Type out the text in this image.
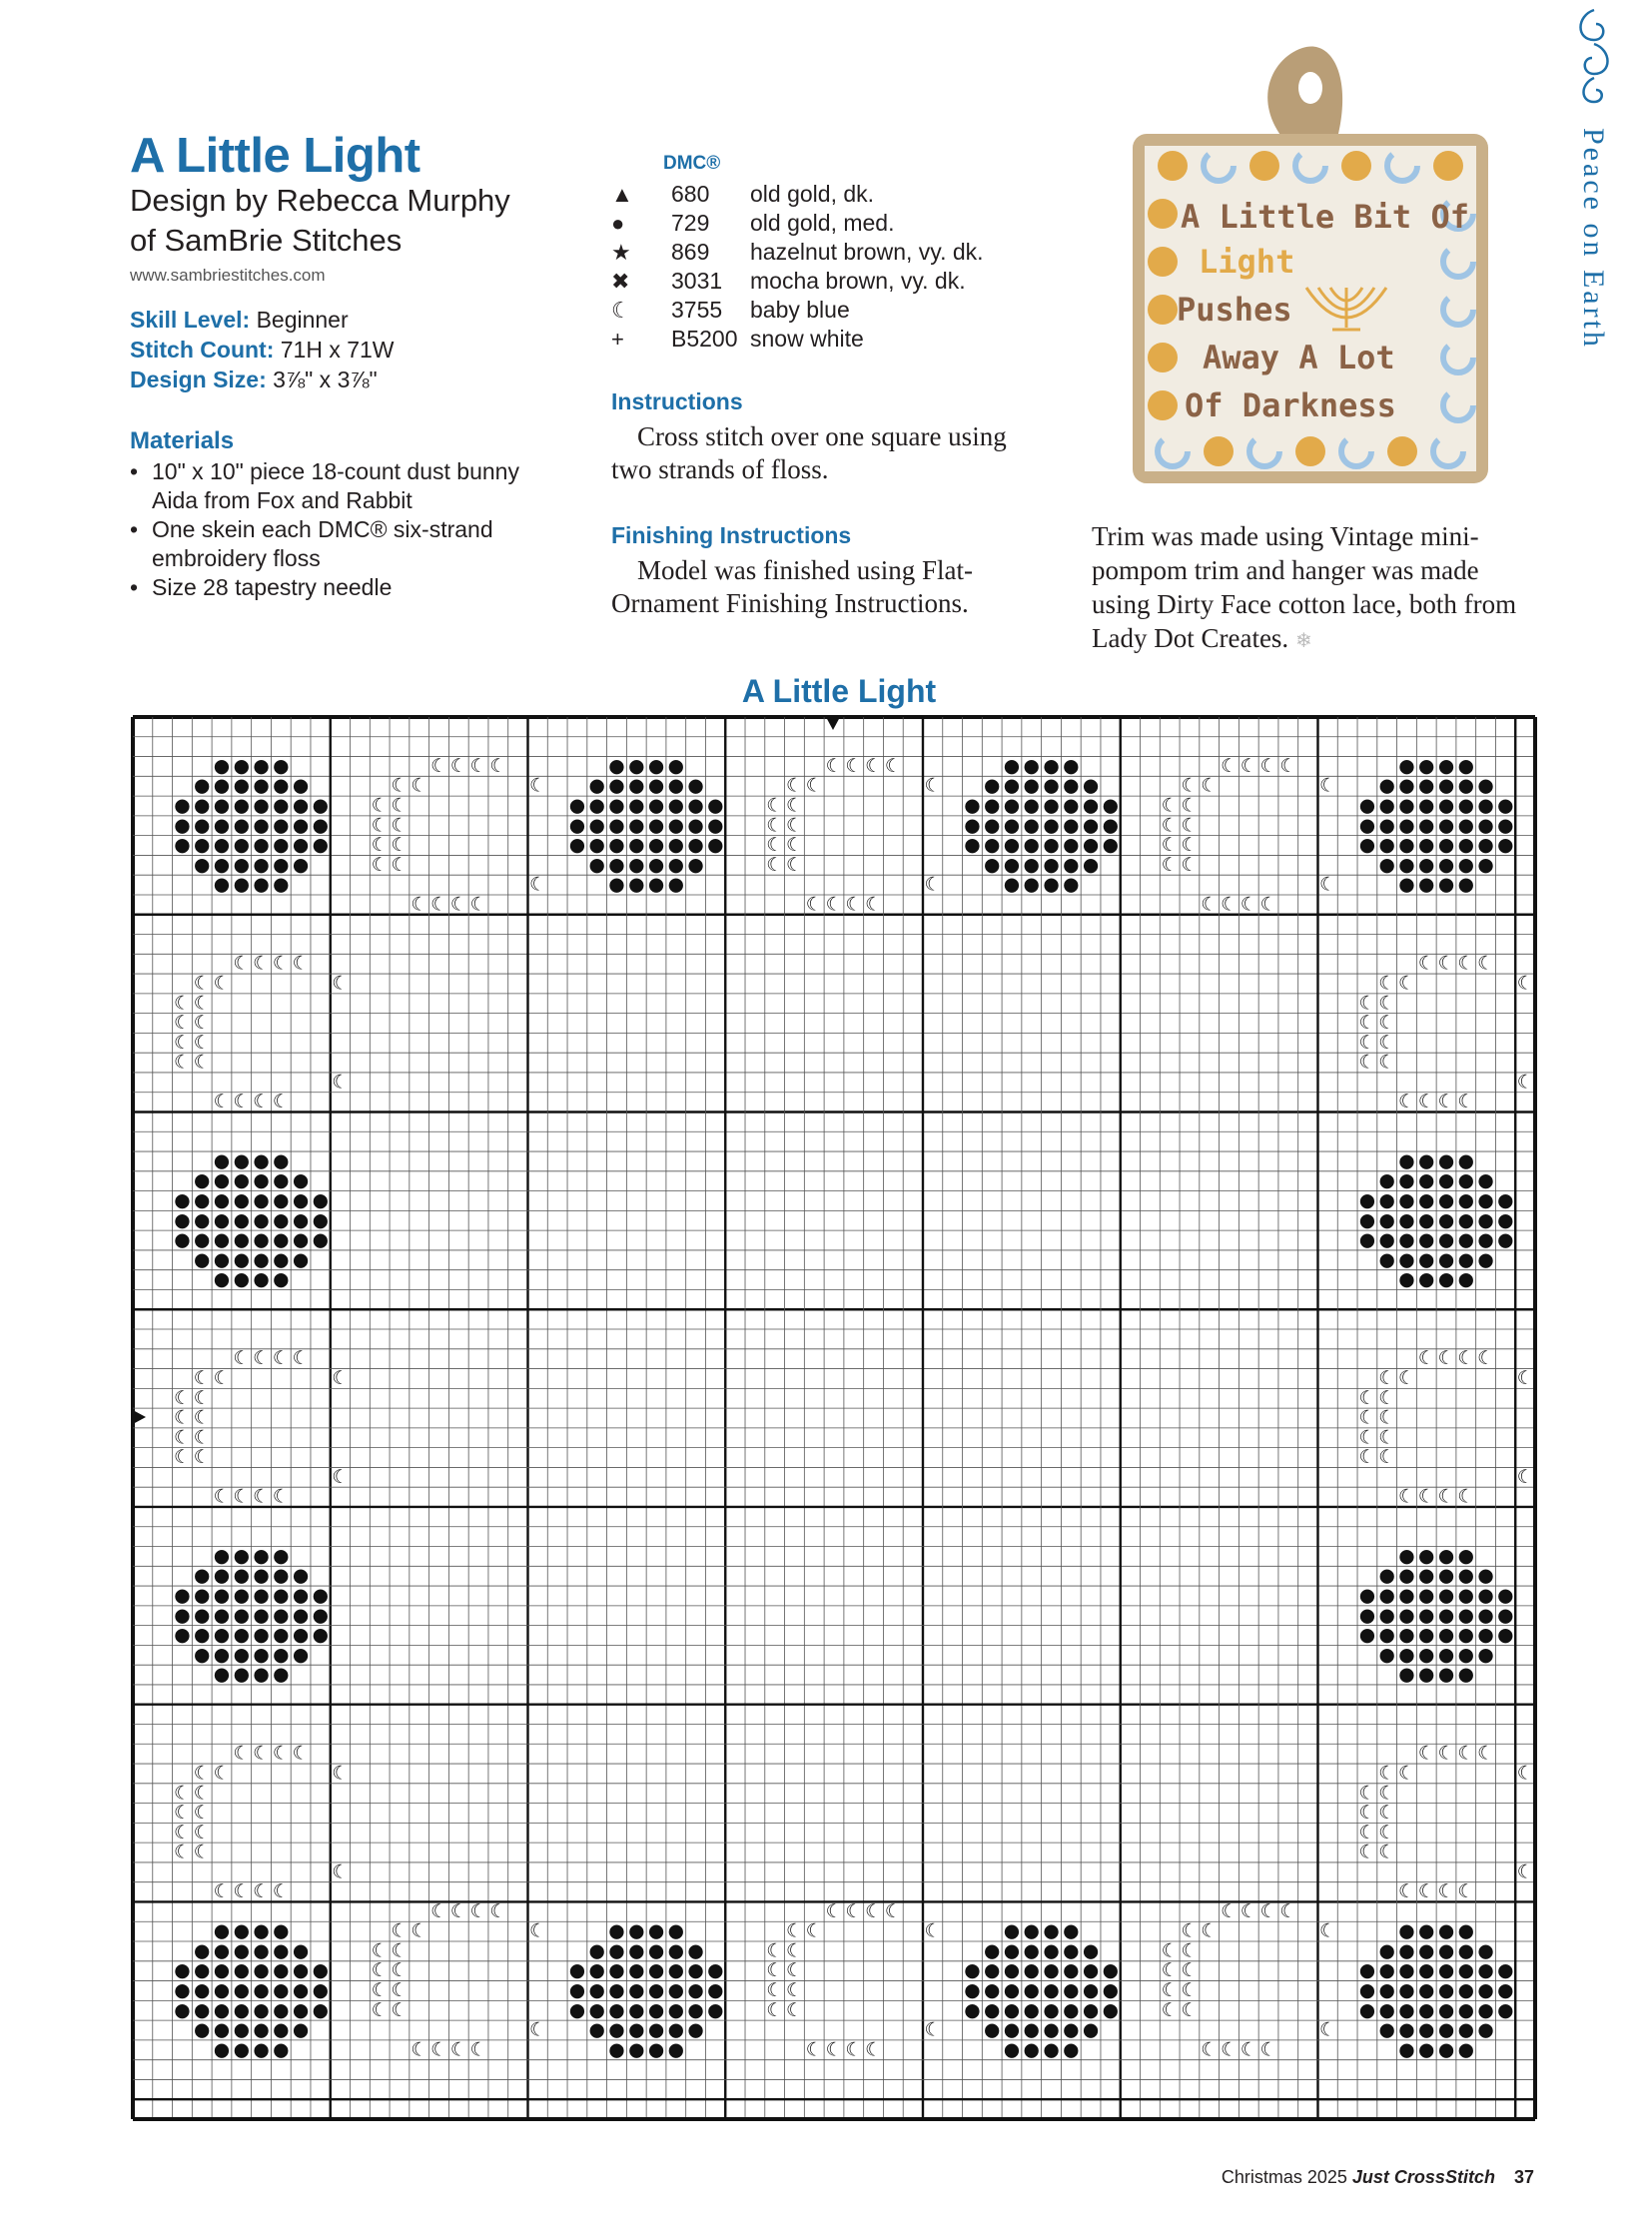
A Little Light
Design by Rebecca Murphy
of SamBrie Stitches
www.sambriestitches.com
Skill Level: Beginner
Stitch Count: 71H x 71W
Design Size: 3⅞" x 3⅞"
Materials
• 10" x 10" piece 18-count dust bunny Aida from Fox and Rabbit
• One skein each DMC® six-strand embroidery floss
• Size 28 tapestry needle
DMC®
▲	680	old gold, dk.
●	729	old gold, med.
★	869	hazelnut brown, vy. dk.
✖	3031	mocha brown, vy. dk.
☾	3755	baby blue
+	B5200	snow white
Instructions
Cross stitch over one square using two strands of floss.
Finishing Instructions
Model was finished using Flat-Ornament Finishing Instructions.
A Little Bit Of
Light
Pushes
Away A Lot
Of Darkness
Peace on Earth
Trim was made using Vintage mini-pompom trim and hanger was made using Dirty Face cotton lace, both from Lady Dot Creates. ❄
A Little Light
● ● ● ●
● ● ● ● ● ●
● ● ● ● ● ● ● ●
● ● ● ● ● ● ● ●
● ● ● ● ● ● ● ●
● ● ● ● ● ●
● ● ● ●
☾ ☾ ☾ ☾
☾ ☾	☾
☾ ☾
☾ ☾
☾ ☾
☾ ☾
☾
☾ ☾ ☾ ☾
● ● ● ●
● ● ● ● ● ●
● ● ● ● ● ● ● ●
● ● ● ● ● ● ● ●
● ● ● ● ● ● ● ●
● ● ● ● ● ●
● ● ● ●
☾ ☾ ☾ ☾
☾ ☾	☾
☾ ☾
☾ ☾
☾ ☾
☾ ☾
☾
☾ ☾ ☾ ☾
● ● ● ●
● ● ● ● ● ●
● ● ● ● ● ● ● ●
● ● ● ● ● ● ● ●
● ● ● ● ● ● ● ●
● ● ● ● ● ●
● ● ● ●
☾ ☾ ☾ ☾
☾ ☾	☾
☾ ☾
☾ ☾
☾ ☾
☾ ☾
☾
☾ ☾ ☾ ☾
● ● ● ●
● ● ● ● ● ●
● ● ● ● ● ● ● ●
● ● ● ● ● ● ● ●
● ● ● ● ● ● ● ●
● ● ● ● ● ●
● ● ● ●
● ● ● ●
● ● ● ● ● ●
● ● ● ● ● ● ● ●
● ● ● ● ● ● ● ●
● ● ● ● ● ● ● ●
● ● ● ● ● ●
● ● ● ●
☾ ☾ ☾ ☾
☾ ☾	☾
☾ ☾
☾ ☾
☾ ☾
☾ ☾
☾
☾ ☾ ☾ ☾
● ● ● ●
● ● ● ● ● ●
● ● ● ● ● ● ● ●
● ● ● ● ● ● ● ●
● ● ● ● ● ● ● ●
● ● ● ● ● ●
● ● ● ●
☾ ☾ ☾ ☾
☾ ☾	☾
☾ ☾
☾ ☾
☾ ☾
☾ ☾
☾
☾ ☾ ☾ ☾
● ● ● ●
● ● ● ● ● ●
● ● ● ● ● ● ● ●
● ● ● ● ● ● ● ●
● ● ● ● ● ● ● ●
● ● ● ● ● ●
● ● ● ●
☾ ☾ ☾ ☾
☾ ☾	☾
☾ ☾
☾ ☾
☾ ☾
☾ ☾
☾
☾ ☾ ☾ ☾
● ● ● ●
● ● ● ● ● ●
● ● ● ● ● ● ● ●
● ● ● ● ● ● ● ●
● ● ● ● ● ● ● ●
● ● ● ● ● ●
● ● ● ●
● ● ● ●
● ● ● ● ● ●
● ● ● ● ● ● ● ●
● ● ● ● ● ● ● ●
● ● ● ● ● ● ● ●
● ● ● ● ● ●
● ● ● ●
● ● ● ●
● ● ● ● ● ●
● ● ● ● ● ● ● ●
● ● ● ● ● ● ● ●
● ● ● ● ● ● ● ●
● ● ● ● ● ●
● ● ● ●
● ● ● ●
● ● ● ● ● ●
● ● ● ● ● ● ● ●
● ● ● ● ● ● ● ●
● ● ● ● ● ● ● ●
● ● ● ● ● ●
● ● ● ●
● ● ● ●
● ● ● ● ● ●
● ● ● ● ● ● ● ●
● ● ● ● ● ● ● ●
● ● ● ● ● ● ● ●
● ● ● ● ● ●
● ● ● ●
☾ ☾ ☾ ☾
☾ ☾	☾
☾ ☾
☾ ☾
☾ ☾
☾ ☾
☾
☾ ☾ ☾ ☾
☾ ☾ ☾ ☾
☾ ☾	☾
☾ ☾
☾ ☾
☾ ☾
☾ ☾
☾
☾ ☾ ☾ ☾
☾ ☾ ☾ ☾
☾ ☾	☾
☾ ☾
☾ ☾
☾ ☾
☾ ☾
☾
☾ ☾ ☾ ☾
☾ ☾ ☾ ☾
☾ ☾	☾
☾ ☾
☾ ☾
☾ ☾
☾ ☾
☾
☾ ☾ ☾ ☾
☾ ☾ ☾ ☾
☾ ☾	☾
☾ ☾
☾ ☾
☾ ☾
☾ ☾
☾
☾ ☾ ☾ ☾
☾ ☾ ☾ ☾
☾ ☾	☾
☾ ☾
☾ ☾
☾ ☾
☾ ☾
☾
☾ ☾ ☾ ☾
Christmas 2025 Just CrossStitch 37
